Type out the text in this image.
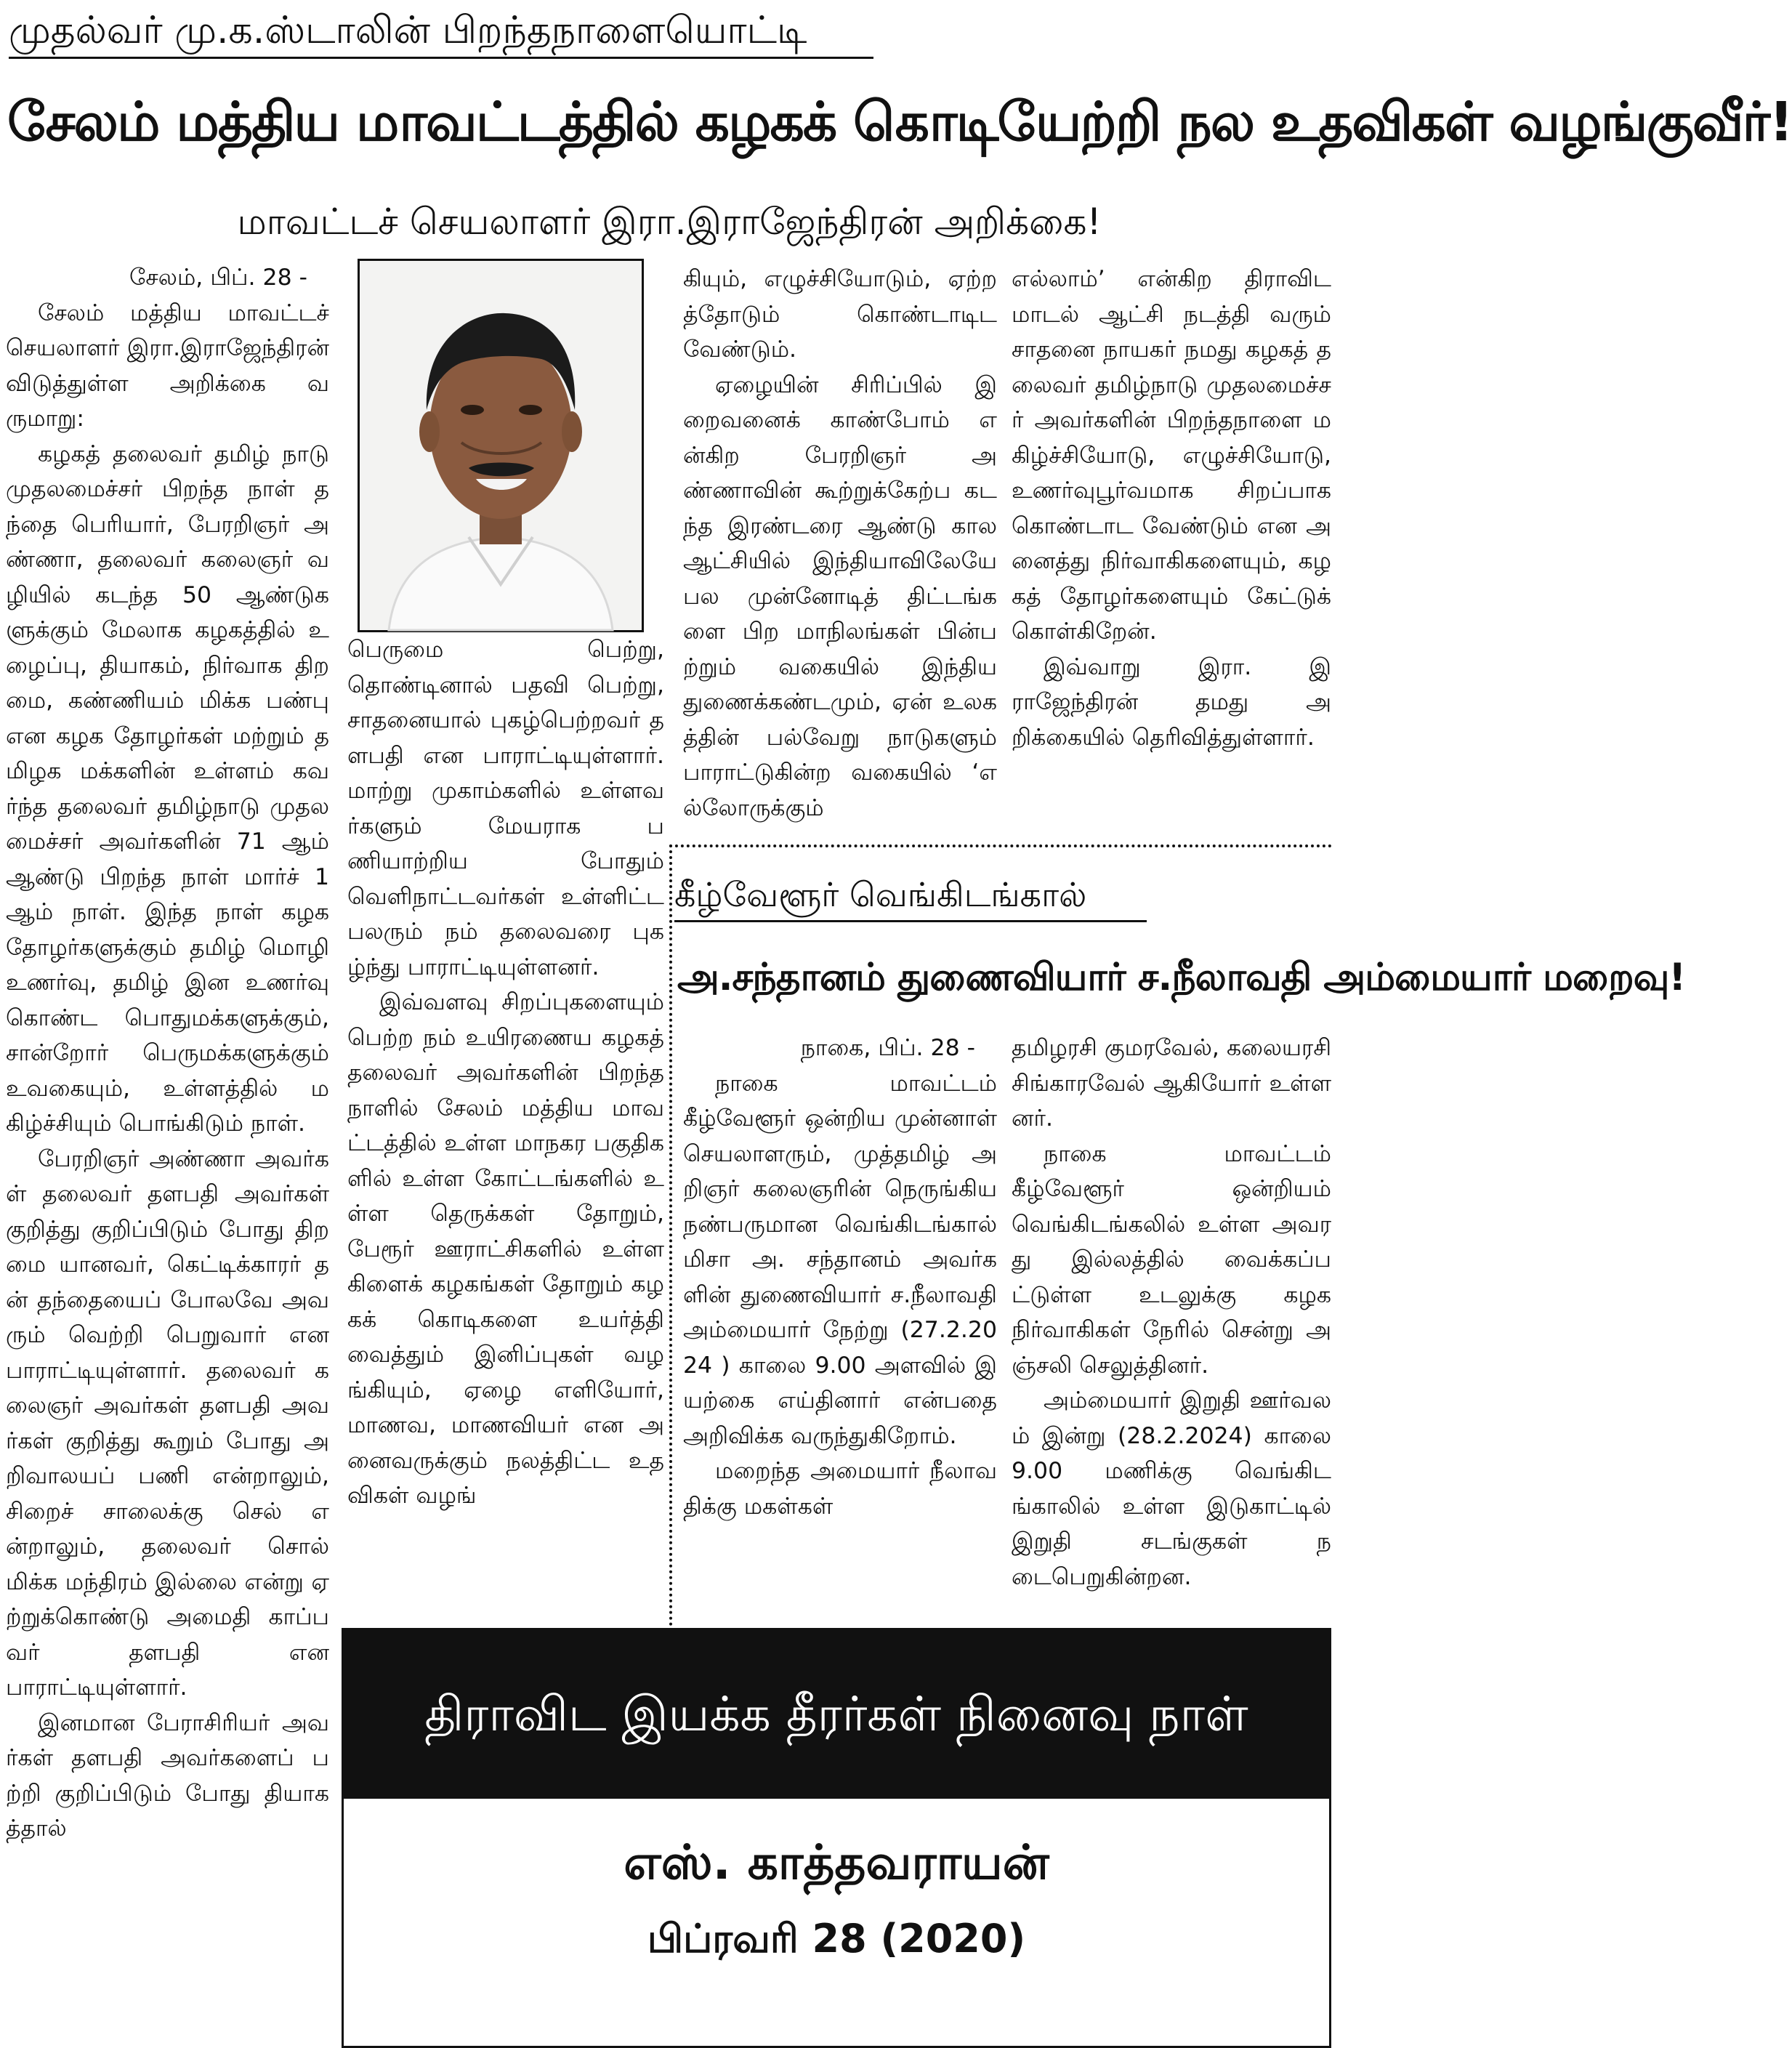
முதல்வர் மு.க.ஸ்டாலின் பிறந்தநாளையொட்டி
சேலம் மத்திய மாவட்டத்தில் கழகக் கொடியேற்றி நல உதவிகள் வழங்குவீர்!
மாவட்டச் செயலாளர் இரா.இராஜேந்திரன் அறிக்கை!

சேலம், பிப். 28 -

சேலம் மத்திய மாவட்டச் செயலாளர் இரா.இராஜேந்திரன் விடுத்துள்ள அறிக்கை வருமாறு:

கழகத் தலைவர் தமிழ் நாடு முதலமைச்சர் பிறந்த நாள் தந்தை பெரியார், பேரறிஞர் அண்ணா, தலைவர் கலைஞர் வழியில் கடந்த 50 ஆண்டுகளுக்கும் மேலாக கழகத்தில் உழைப்பு, தியாகம், நிர்வாக திறமை, கண்ணியம் மிக்க பண்பு என கழக தோழர்கள் மற்றும் தமிழக மக்களின் உள்ளம் கவர்ந்த தலைவர் தமிழ்நாடு முதலமைச்சர் அவர்களின் 71 ஆம் ஆண்டு பிறந்த நாள் மார்ச் 1 ஆம் நாள். இந்த நாள் கழக தோழர்களுக்கும் தமிழ் மொழி உணர்வு, தமிழ் இன உணர்வு கொண்ட பொதுமக்களுக்கும், சான்றோர் பெருமக்களுக்கும் உவகையும், உள்ளத்தில் மகிழ்ச்சியும் பொங்கிடும் நாள்.

பேரறிஞர் அண்ணா அவர்கள் தலைவர் தளபதி அவர்கள் குறித்து குறிப்பிடும் போது திறமை யானவர், கெட்டிக்காரர் தன் தந்தையைப் போலவே அவரும் வெற்றி பெறுவார் என பாராட்டியுள்ளார். தலைவர் கலைஞர் அவர்கள் தளபதி அவர்கள் குறித்து கூறும் போது அறிவாலயப் பணி என்றாலும், சிறைச் சாலைக்கு செல் என்றாலும், தலைவர் சொல் மிக்க மந்திரம் இல்லை என்று ஏற்றுக்கொண்டு அமைதி காப்பவர் தளபதி என பாராட்டியுள்ளார்.

இனமான பேராசிரியர் அவர்கள் தளபதி அவர்களைப் பற்றி குறிப்பிடும் போது தியாகத்தால்

பெருமை பெற்று, தொண்டினால் பதவி பெற்று, சாதனையால் புகழ்பெற்றவர் தளபதி என பாராட்டியுள்ளார். மாற்று முகாம்களில் உள்ளவர்களும் மேயராக பணியாற்றிய போதும் வெளிநாட்டவர்கள் உள்ளிட்ட பலரும் நம் தலைவரை புகழ்ந்து பாராட்டியுள்ளனர்.

இவ்வளவு சிறப்புகளையும் பெற்ற நம் உயிரணைய கழகத் தலைவர் அவர்களின் பிறந்த நாளில் சேலம் மத்திய மாவட்டத்தில் உள்ள மாநகர பகுதிகளில் உள்ள கோட்டங்களில் உள்ள தெருக்கள் தோறும், பேரூர் ஊராட்சிகளில் உள்ள கிளைக் கழகங்கள் தோறும் கழகக் கொடிகளை உயர்த்தி வைத்தும் இனிப்புகள் வழங்கியும், ஏழை எளியோர், மாணவ, மாணவியர் என அனைவருக்கும் நலத்திட்ட உதவிகள் வழங்

கியும், எழுச்சியோடும், ஏற்றத்தோடும் கொண்டாடிட வேண்டும்.

ஏழையின் சிரிப்பில் இறைவனைக் காண்போம் என்கிற பேரறிஞர் அண்ணாவின் கூற்றுக்கேற்ப கடந்த இரண்டரை ஆண்டு கால ஆட்சியில் இந்தியாவிலேயே பல முன்னோடித் திட்டங்களை பிற மாநிலங்கள் பின்பற்றும் வகையில் இந்திய துணைக்கண்டமும், ஏன் உலகத்தின் பல்வேறு நாடுகளும் பாராட்டுகின்ற வகையில் ‘எல்லோருக்கும்

எல்லாம்’ என்கிற திராவிட மாடல் ஆட்சி நடத்தி வரும் சாதனை நாயகர் நமது கழகத் தலைவர் தமிழ்நாடு முதலமைச்சர் அவர்களின் பிறந்தநாளை மகிழ்ச்சியோடு, எழுச்சியோடு, உணர்வுபூர்வமாக சிறப்பாக கொண்டாட வேண்டும் என அனைத்து நிர்வாகிகளையும், கழகத் தோழர்களையும் கேட்டுக் கொள்கிறேன்.

இவ்வாறு இரா. இராஜேந்திரன் தமது அறிக்கையில் தெரிவித்துள்ளார்.

கீழ்வேளூர் வெங்கிடங்கால்
அ.சந்தானம் துணைவியார் ச.நீலாவதி அம்மையார் மறைவு!

நாகை, பிப். 28 -

நாகை மாவட்டம் கீழ்வேளூர் ஒன்றிய முன்னாள் செயலாளரும், முத்தமிழ் அறிஞர் கலைஞரின் நெருங்கிய நண்பருமான வெங்கிடங்கால் மிசா அ. சந்தானம் அவர்களின் துணைவியார் ச.நீலாவதி அம்மையார் நேற்று (27.2.2024 ) காலை 9.00 அளவில் இயற்கை எய்தினார் என்பதை அறிவிக்க வருந்துகிறோம்.

மறைந்த அமையார் நீலாவதிக்கு மகள்கள்

தமிழரசி குமரவேல், கலையரசி சிங்காரவேல் ஆகியோர் உள்ளனர்.

நாகை மாவட்டம் கீழ்வேளூர் ஒன்றியம் வெங்கிடங்கலில் உள்ள அவரது இல்லத்தில் வைக்கப்பட்டுள்ள உடலுக்கு கழக நிர்வாகிகள் நேரில் சென்று அஞ்சலி செலுத்தினர்.

அம்மையார் இறுதி ஊர்வலம் இன்று (28.2.2024) காலை 9.00 மணிக்கு வெங்கிடங்காலில் உள்ள இடுகாட்டில் இறுதி சடங்குகள் நடைபெறுகின்றன.

திராவிட இயக்க தீரர்கள் நினைவு நாள்
எஸ். காத்தவராயன்
பிப்ரவரி 28 (2020)
